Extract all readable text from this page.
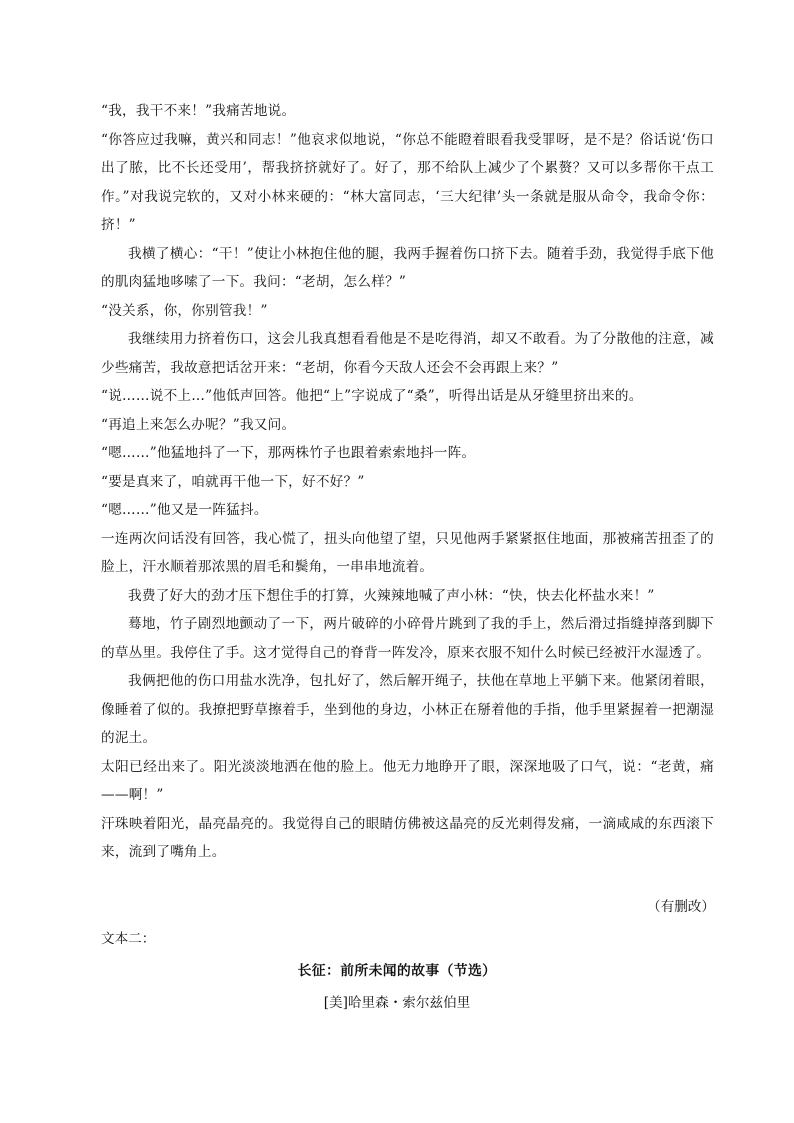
“我，我干不来！”我痛苦地说。

“你答应过我嘛，黄兴和同志！”他哀求似地说，“你总不能瞪着眼看我受罪呀，是不是？俗话说‘伤口出了脓，比不长还受用’，帮我挤挤就好了。好了，那不给队上减少了个累赘？又可以多帮你干点工作。”对我说完软的，又对小林来硬的：“林大富同志，‘三大纪律’头一条就是服从命令，我命令你：挤！”

我横了横心：“干！”使让小林抱住他的腿，我两手握着伤口挤下去。随着手劲，我觉得手底下他的肌肉猛地哆嗦了一下。我问：“老胡，怎么样？”

“没关系，你，你别管我！”

我继续用力挤着伤口，这会儿我真想看看他是不是吃得消，却又不敢看。为了分散他的注意，减少些痛苦，我故意把话岔开来：“老胡，你看今天敌人还会不会再跟上来？”

“说……说不上…”他低声回答。他把“上”字说成了“桑”，听得出话是从牙缝里挤出来的。

“再追上来怎么办呢？”我又问。

“嗯……”他猛地抖了一下，那两株竹子也跟着索索地抖一阵。

“要是真来了，咱就再干他一下，好不好？”

“嗯……”他又是一阵猛抖。

一连两次问话没有回答，我心慌了，扭头向他望了望，只见他两手紧紧抠住地面，那被痛苦扭歪了的脸上，汗水顺着那浓黑的眉毛和鬓角，一串串地流着。

我费了好大的劲才压下想住手的打算，火辣辣地喊了声小林：“快，快去化杯盐水来！”

蓦地，竹子剧烈地颤动了一下，两片破碎的小碎骨片跳到了我的手上，然后滑过指缝掉落到脚下的草丛里。我停住了手。这才觉得自己的脊背一阵发冷，原来衣服不知什么时候已经被汗水湿透了。

我俩把他的伤口用盐水洗净，包扎好了，然后解开绳子，扶他在草地上平躺下来。他紧闭着眼，像睡着了似的。我撩把野草擦着手，坐到他的身边，小林正在掰着他的手指，他手里紧握着一把潮湿的泥土。

太阳已经出来了。阳光淡淡地洒在他的脸上。他无力地睁开了眼，深深地吸了口气，说：“老黄，痛——啊！”

汗珠映着阳光，晶亮晶亮的。我觉得自己的眼睛仿佛被这晶亮的反光刺得发痛，一滴咸咸的东西滚下来，流到了嘴角上。

（有删改）
文本二：
长征：前所未闻的故事（节选）
[美]哈里森・索尔兹伯里
